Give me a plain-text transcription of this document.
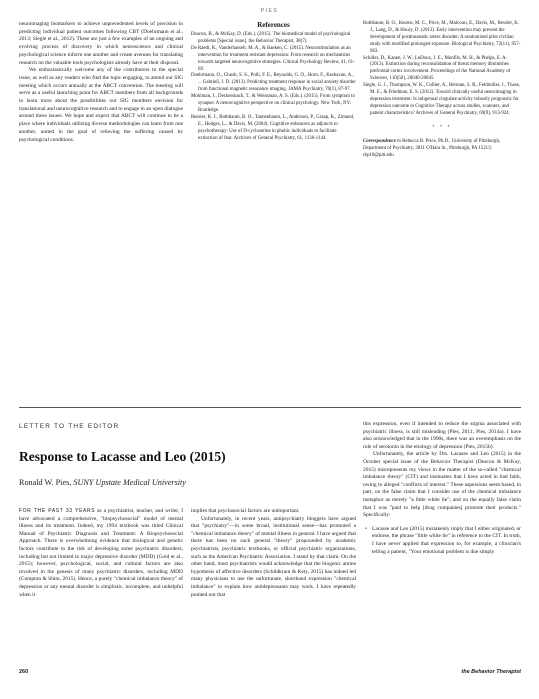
PIES

neuroimaging biomarkers to achieve unprecedented levels of precision in predicting individual patient outcomes following CBT (Doehrmann et al., 2013; Siegle et al., 2012). These are just a few examples of an ongoing and evolving process of discovery in which neuroscience and clinical psychological science inform one another and create avenues for translating research on the valuable tools psychologists already have at their disposal.

We enthusiastically welcome any of the contributors to the special issue, as well as any readers who find the topic engaging, to attend our SIG meeting which occurs annually at the ABCT convention. The meeting will serve as a useful launching point for ABCT members from all backgrounds to learn more about the possibilities our SIG members envision for translational and neurocognitive research and to engage in an open dialogue around these issues. We hope and expect that ABCT will continue to be a place where individuals utilizing diverse methodologies can learn from one another, united in the goal of relieving the suffering caused by psychological conditions.

References

Deacon, B., & McKay, D. (Eds.). (2015). The biomedical model of psychological problems [Special issue]. the Behavior Therapist, 38(7).

De Raedt, R., Vanderhasselt, M. A., & Baeken, C. (2015). Neurostimulation as an intervention for treatment resistant depression: From research on mechanisms towards targeted neurocognitive strategies. Clinical Psychology Review, 41, 61-69.

Doehrmann, O., Ghosh, S. S., Polli, F. E., Reynolds, G. O., Horn, F., Keshavan, A., ... Gabrieli, J. D. (2013). Predicting treatment response in social anxiety disorder from functional magnetic resonance imaging. JAMA Psychiatry, 70(1), 87-97.

Mohlman, J., Deckersbach, T., & Weissman, A. S. (Eds.). (2015). From symptom to synapse: A neurocognitive perspective on clinical psychology. New York, NY: Routledge.

Ressler, K. J., Rothbaum, B. O., Tannenbaum, L., Anderson, P., Graap, K., Zimand, E., Hodges, L., & Davis, M. (2004). Cognitive enhancers as adjuncts to psychotherapy: Use of D-cycloserine in phobic individuals to facilitate extinction of fear. Archives of General Psychiatry, 61, 1136-1144.

Rothbaum, B. O., Kearns, M. C., Price, M., Malcoun, E., Davis, M., Ressler, K. J., Lang, D., & Houry, D. (2012). Early intervention may prevent the development of posttraumatic stress disorder: A randomized pilot civilian study with modified prolonged exposure. Biological Psychiatry, 72(11), 957-963.

Schiller, D., Kanen, J. W., LeDoux, J. E., Monfils, M. H., & Phelps, E. A. (2013). Extinction during reconsolidation of threat memory diminishes prefrontal cortex involvement. Proceedings of the National Academy of Sciences, 110(50), 20040-20045.

Siegle, G. J., Thompson, W. K., Collier, A., Berman, S. R., Feldmiller, J., Thase, M. E., & Friedman, E. S. (2012). Toward clinically useful neuroimaging in depression treatment: Is subgenual cingulate activity robustly prognostic for depression outcome in Cognitive Therapy across studies, scanners, and patient characteristics? Archives of General Psychiatry, 69(9), 913-924.

• • •

Correspondence to Rebecca B. Price, Ph.D., University of Pittsburgh, Department of Psychiatry, 3811 O'Hara St., Pittsburgh, PA 15213; rbp18@pitt.edu

LETTER TO THE EDITOR
Response to Lacasse and Leo (2015)
Ronald W. Pies, SUNY Upstate Medical University

FOR THE PAST 33 YEARS as a psychiatrist, teacher, and writer, I have advocated a comprehensive, "biopsychosocial" model of mental illness and its treatment. Indeed, my 1994 textbook was titled Clinical Manual of Psychiatric Diagnosis and Treatment: A Biopsychosocial Approach. There is overwhelming evidence that biological and genetic factors contribute to the risk of developing some psychiatric disorders, including but not limited to major depressive disorder (MDD) (Gold et al., 2015); however, psychological, social, and cultural factors are also involved in the genesis of many psychiatric disorders, including MDD (Compton & Shim, 2015). Hence, a purely "chemical imbalance theory" of depression or any mental disorder is simplistic, incomplete, and unhelpful when it

implies that psychosocial factors are unimportant.

Unfortunately, in recent years, antipsychiatry bloggers have argued that "psychiatry"—in some broad, institutional sense—has promoted a "chemical imbalance theory" of mental illness in general. I have argued that there has been no such general "theory" propounded by academic psychiatrists, psychiatric textbooks, or official psychiatric organizations, such as the American Psychiatric Association. I stand by that claim. On the other hand, most psychiatrists would acknowledge that the biogenic amine hypothesis of affective disorders (Schildkraut & Kety, 2015) has indeed led many physicians to use the unfortunate, shorthand expression "chemical imbalance" to explain how antidepressants may work. I have repeatedly pointed out that

this expression, even if intended to reduce the stigma associated with psychiatric illness, is still misleading (Pies, 2011; Pies, 2014a). I have also acknowledged that in the 1990s, there was an overemphasis on the role of serotonin in the etiology of depression (Pies, 2015b).

Unfortunately, the article by Drs. Lacasse and Leo (2015) in the October special issue of the Behavior Therapist (Deacon & McKay, 2015) misrepresents my views in the matter of the so-called "chemical imbalance theory" (CIT) and insinuates that I have acted in bad faith, owing to alleged "conflicts of interest." These aspersions seem based, in part, on the false claim that I consider use of the chemical imbalance metaphor as merely "a little white lie"; and on the equally false claim that I was "paid to help [drug companies] promote their products." Specifically:

• Lacasse and Leo (2015) mistakenly imply that I either originated, or endorse, the phrase "little white lie" in reference to the CIT. In truth, I have never applied that expression to, for example, a clinician's telling a patient, "Your emotional problem is due simply

260	the Behavior Therapist
